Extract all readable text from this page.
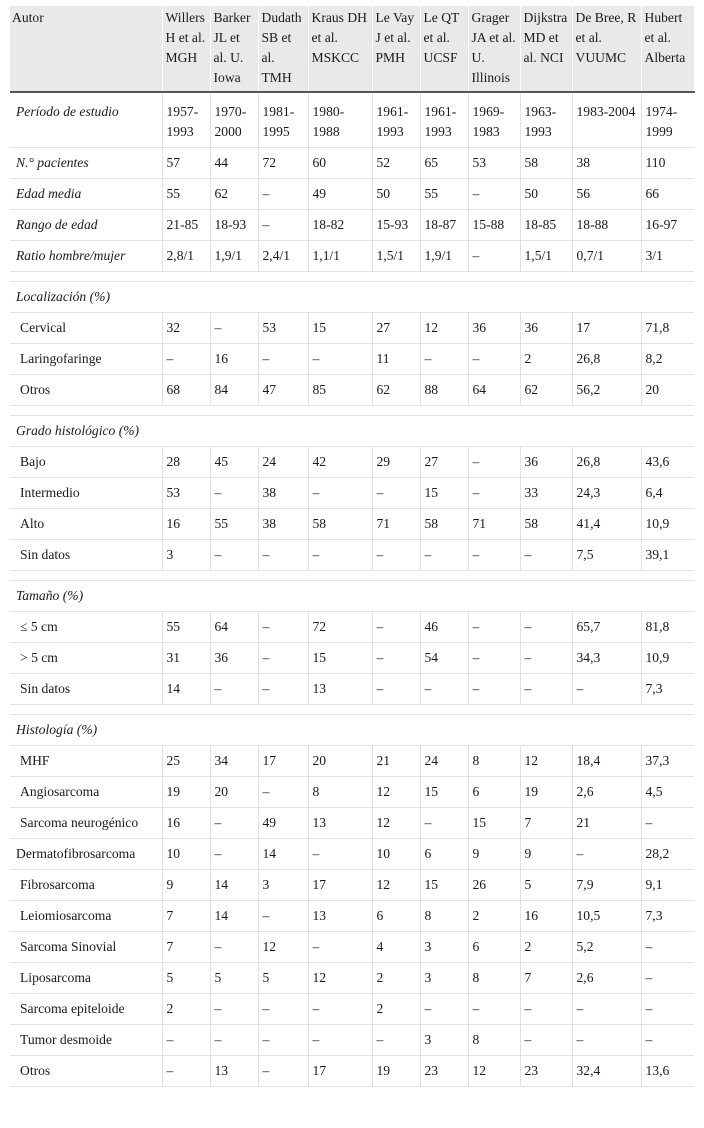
Autor	Willers H et al. MGH	Barker JL et al. U. Iowa	Dudath SB et al. TMH	Kraus DH et al. MSKCC	Le Vay J et al. PMH	Le QT et al. UCSF	Grager JA et al. U. Illinois	Dijkstra MD et al. NCI	De Bree, R et al. VUUMC	Hubert et al. Alberta
Período de estudio	1957-1993	1970-2000	1981-1995	1980-1988	1961-1993	1961-1993	1969-1983	1963-1993	1983-2004	1974-1999
N.° pacientes	57	44	72	60	52	65	53	58	38	110
Edad media	55	62	–	49	50	55	–	50	56	66
Rango de edad	21-85	18-93	–	18-82	15-93	18-87	15-88	18-85	18-88	16-97
Ratio hombre/mujer	2,8/1	1,9/1	2,4/1	1,1/1	1,5/1	1,9/1	–	1,5/1	0,7/1	3/1

Localización (%)										
Cervical	32	–	53	15	27	12	36	36	17	71,8
Laringofaringe	–	16	–	–	11	–	–	2	26,8	8,2
Otros	68	84	47	85	62	88	64	62	56,2	20

Grado histológico (%)										
Bajo	28	45	24	42	29	27	–	36	26,8	43,6
Intermedio	53	–	38	–	–	15	–	33	24,3	6,4
Alto	16	55	38	58	71	58	71	58	41,4	10,9
Sin datos	3	–	–	–	–	–	–	–	7,5	39,1

Tamaño (%)										
≤ 5 cm	55	64	–	72	–	46	–	–	65,7	81,8
> 5 cm	31	36	–	15	–	54	–	–	34,3	10,9
Sin datos	14	–	–	13	–	–	–	–	–	7,3

Histología (%)										
MHF	25	34	17	20	21	24	8	12	18,4	37,3
Angiosarcoma	19	20	–	8	12	15	6	19	2,6	4,5
Sarcoma neurogénico	16	–	49	13	12	–	15	7	21	–
Dermatofibrosarcoma	10	–	14	–	10	6	9	9	–	28,2
Fibrosarcoma	9	14	3	17	12	15	26	5	7,9	9,1
Leiomiosarcoma	7	14	–	13	6	8	2	16	10,5	7,3
Sarcoma Sinovial	7	–	12	–	4	3	6	2	5,2	–
Liposarcoma	5	5	5	12	2	3	8	7	2,6	–
Sarcoma epiteloide	2	–	–	–	2	–	–	–	–	–
Tumor desmoide	–	–	–	–	–	3	8	–	–	–
Otros	–	13	–	17	19	23	12	23	32,4	13,6
